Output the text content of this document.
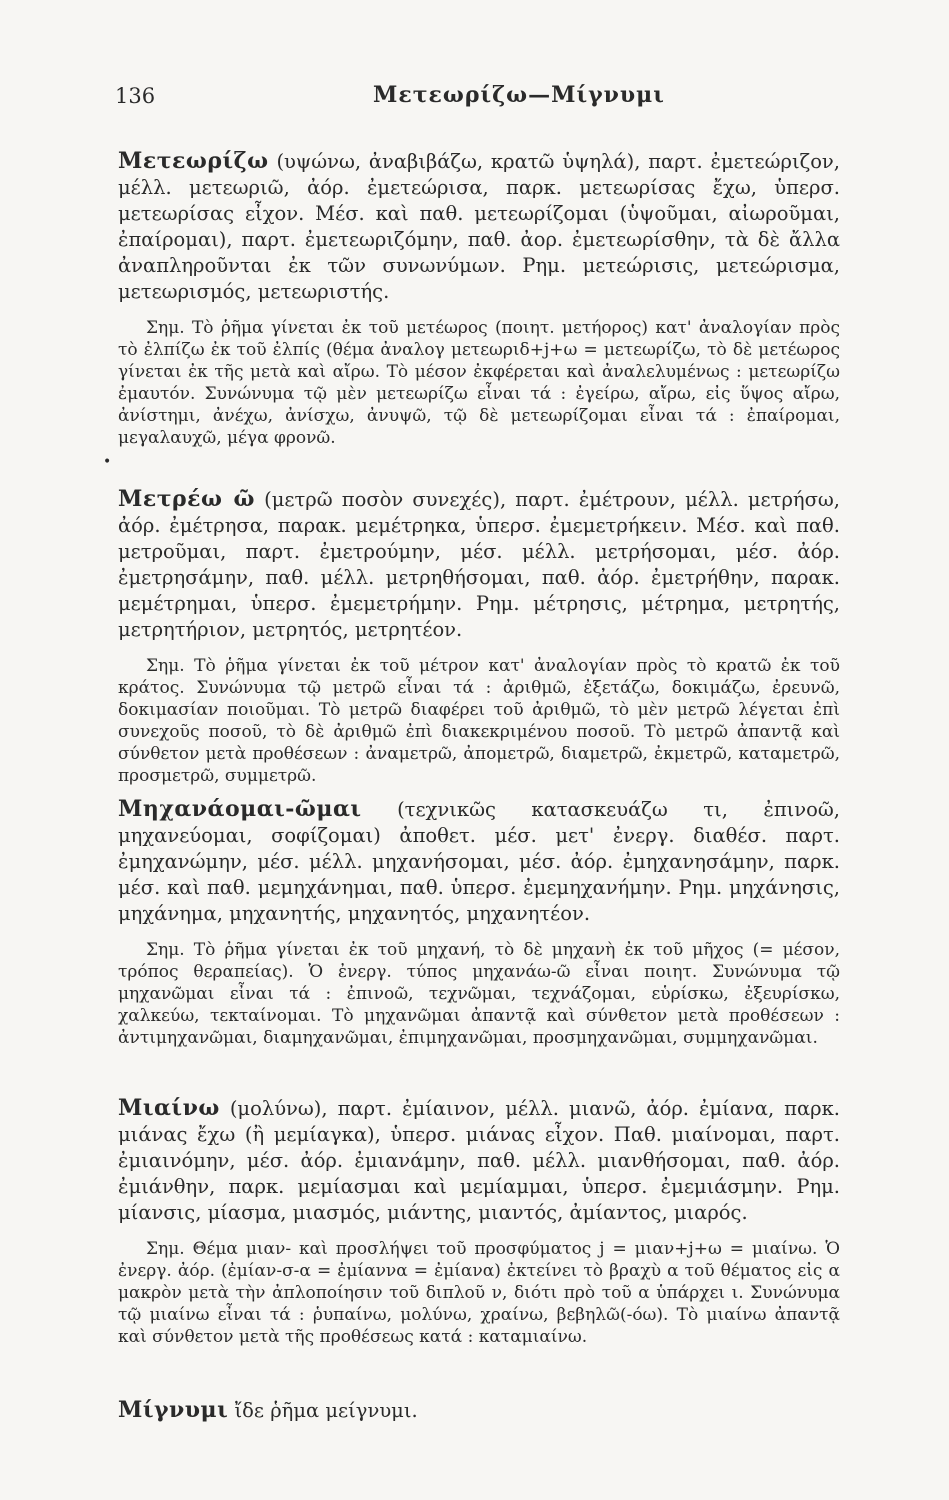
136	Μετεωρίζω—Μίγνυμι

Μετεωρίζω (υψώνω, ἀναβιβάζω, κρατῶ ὑψηλά), παρτ. ἐμετεώριζον, μέλλ. μετεωριῶ, ἀόρ. ἐμετεώρισα, παρκ. μετεωρίσας ἔχω, ὑπερσ. μετεωρίσας εἶχον. Μέσ. καὶ παθ. μετεωρίζομαι (ὑψοῦμαι, αἰωροῦμαι, ἐπαίρομαι), παρτ. ἐμετεωριζόμην, παθ. ἀορ. ἐμετεωρίσθην, τὰ δὲ ἄλλα ἀναπληροῦνται ἐκ τῶν συνωνύμων. Ρημ. μετεώρισις, μετεώρισμα, μετεωρισμός, μετεωριστής.

Σημ. Τὸ ῥῆμα γίνεται ἐκ τοῦ μετέωρος (ποιητ. μετήορος) κατ' ἀναλογίαν πρὸς τὸ ἐλπίζω ἐκ τοῦ ἐλπίς (θέμα ἀναλογ μετεωριδ+j+ω = μετεωρίζω, τὸ δὲ μετέωρος γίνεται ἐκ τῆς μετὰ καὶ αἴρω. Τὸ μέσον ἐκφέρεται καὶ ἀναλελυμένως : μετεωρίζω ἐμαυτόν. Συνώνυμα τῷ μὲν μετεωρίζω εἶναι τά : ἐγείρω, αἴρω, εἰς ὕψος αἴρω, ἀνίστημι, ἀνέχω, ἀνίσχω, ἀνυψῶ, τῷ δὲ μετεωρίζομαι εἶναι τά : ἐπαίρομαι, μεγαλαυχῶ, μέγα φρονῶ.

•

Μετρέω ῶ (μετρῶ ποσὸν συνεχές), παρτ. ἐμέτρουν, μέλλ. μετρήσω, ἀόρ. ἐμέτρησα, παρακ. μεμέτρηκα, ὑπερσ. ἐμεμετρήκειν. Μέσ. καὶ παθ. μετροῦμαι, παρτ. ἐμετρούμην, μέσ. μέλλ. μετρήσομαι, μέσ. ἀόρ. ἐμετρησάμην, παθ. μέλλ. μετρηθήσομαι, παθ. ἀόρ. ἐμετρήθην, παρακ. μεμέτρημαι, ὑπερσ. ἐμεμετρήμην. Ρημ. μέτρησις, μέτρημα, μετρητής, μετρητήριον, μετρητός, μετρητέον.

Σημ. Τὸ ῥῆμα γίνεται ἐκ τοῦ μέτρον κατ' ἀναλογίαν πρὸς τὸ κρατῶ ἐκ τοῦ κράτος. Συνώνυμα τῷ μετρῶ εἶναι τά : ἀριθμῶ, ἐξετάζω, δοκιμάζω, ἐρευνῶ, δοκιμασίαν ποιοῦμαι. Τὸ μετρῶ διαφέρει τοῦ ἀριθμῶ, τὸ μὲν μετρῶ λέγεται ἐπὶ συνεχοῦς ποσοῦ, τὸ δὲ ἀριθμῶ ἐπὶ διακεκριμένου ποσοῦ. Τὸ μετρῶ ἀπαντᾷ καὶ σύνθετον μετὰ προθέσεων : ἀναμετρῶ, ἀπομετρῶ, διαμετρῶ, ἐκμετρῶ, καταμετρῶ, προσμετρῶ, συμμετρῶ.

Μηχανάομαι-ῶμαι (τεχνικῶς κατασκευάζω τι, ἐπινοῶ, μηχανεύομαι, σοφίζομαι) ἀποθετ. μέσ. μετ' ἐνεργ. διαθέσ. παρτ. ἐμηχανώμην, μέσ. μέλλ. μηχανήσομαι, μέσ. ἀόρ. ἐμηχανησάμην, παρκ. μέσ. καὶ παθ. μεμηχάνημαι, παθ. ὑπερσ. ἐμεμηχανήμην. Ρημ. μηχάνησις, μηχάνημα, μηχανητής, μηχανητός, μηχανητέον.

Σημ. Τὸ ῥῆμα γίνεται ἐκ τοῦ μηχανή, τὸ δὲ μηχανὴ ἐκ τοῦ μῆχος (= μέσον, τρόπος θεραπείας). Ὁ ἐνεργ. τύπος μηχανάω-ῶ εἶναι ποιητ. Συνώνυμα τῷ μηχανῶμαι εἶναι τά : ἐπινοῶ, τεχνῶμαι, τεχνάζομαι, εὑρίσκω, ἐξευρίσκω, χαλκεύω, τεκταίνομαι. Τὸ μηχανῶμαι ἀπαντᾷ καὶ σύνθετον μετὰ προθέσεων : ἀντιμηχανῶμαι, διαμηχανῶμαι, ἐπιμηχανῶμαι, προσμηχανῶμαι, συμμηχανῶμαι.

Μιαίνω (μολύνω), παρτ. ἐμίαινον, μέλλ. μιανῶ, ἀόρ. ἐμίανα, παρκ. μιάνας ἔχω (ἢ μεμίαγκα), ὑπερσ. μιάνας εἶχον. Παθ. μιαίνομαι, παρτ. ἐμιαινόμην, μέσ. ἀόρ. ἐμιανάμην, παθ. μέλλ. μιανθήσομαι, παθ. ἀόρ. ἐμιάνθην, παρκ. μεμίασμαι καὶ μεμίαμμαι, ὑπερσ. ἐμεμιάσμην. Ρημ. μίανσις, μίασμα, μιασμός, μιάντης, μιαντός, ἀμίαντος, μιαρός.

Σημ. Θέμα μιαν- καὶ προσλήψει τοῦ προσφύματος j = μιαν+j+ω = μιαίνω. Ὁ ἐνεργ. ἀόρ. (ἐμίαν-σ-α = ἐμίαννα = ἐμίανα) ἐκτείνει τὸ βραχὺ α τοῦ θέματος εἰς α μακρὸν μετὰ τὴν ἀπλοποίησιν τοῦ διπλοῦ ν, διότι πρὸ τοῦ α ὑπάρχει ι. Συνώνυμα τῷ μιαίνω εἶναι τά : ῥυπαίνω, μολύνω, χραίνω, βεβηλῶ(-όω). Τὸ μιαίνω ἀπαντᾷ καὶ σύνθετον μετὰ τῆς προθέσεως κατά : καταμιαίνω.

Μίγνυμι ἴδε ῥῆμα μείγνυμι.
